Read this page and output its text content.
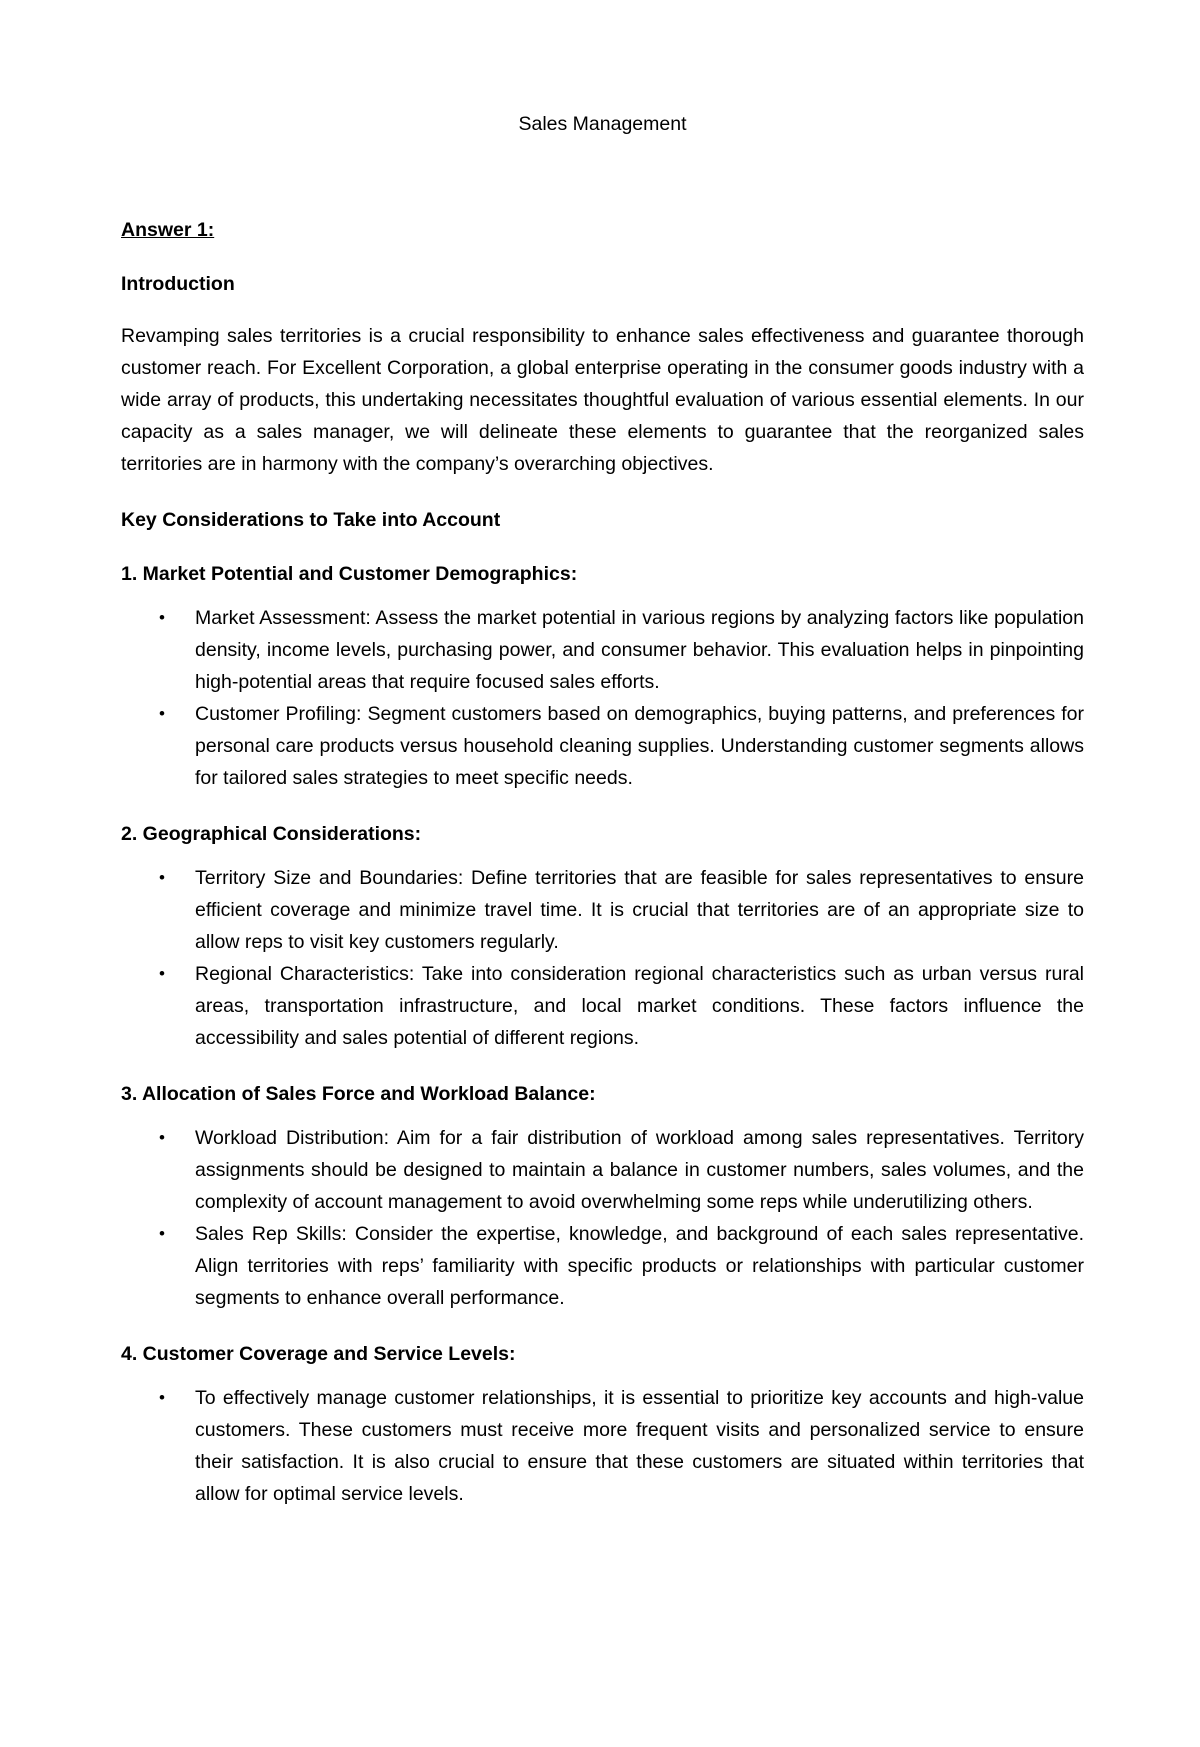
Sales Management

Answer 1:

Introduction

Revamping sales territories is a crucial responsibility to enhance sales effectiveness and guarantee thorough customer reach. For Excellent Corporation, a global enterprise operating in the consumer goods industry with a wide array of products, this undertaking necessitates thoughtful evaluation of various essential elements. In our capacity as a sales manager, we will delineate these elements to guarantee that the reorganized sales territories are in harmony with the company’s overarching objectives.

Key Considerations to Take into Account

1. Market Potential and Customer Demographics:

• Market Assessment: Assess the market potential in various regions by analyzing factors like population density, income levels, purchasing power, and consumer behavior. This evaluation helps in pinpointing high-potential areas that require focused sales efforts.
• Customer Profiling: Segment customers based on demographics, buying patterns, and preferences for personal care products versus household cleaning supplies. Understanding customer segments allows for tailored sales strategies to meet specific needs.

2. Geographical Considerations:

• Territory Size and Boundaries: Define territories that are feasible for sales representatives to ensure efficient coverage and minimize travel time. It is crucial that territories are of an appropriate size to allow reps to visit key customers regularly.
• Regional Characteristics: Take into consideration regional characteristics such as urban versus rural areas, transportation infrastructure, and local market conditions. These factors influence the accessibility and sales potential of different regions.

3. Allocation of Sales Force and Workload Balance:

• Workload Distribution: Aim for a fair distribution of workload among sales representatives. Territory assignments should be designed to maintain a balance in customer numbers, sales volumes, and the complexity of account management to avoid overwhelming some reps while underutilizing others.
• Sales Rep Skills: Consider the expertise, knowledge, and background of each sales representative. Align territories with reps’ familiarity with specific products or relationships with particular customer segments to enhance overall performance.

4. Customer Coverage and Service Levels:

• To effectively manage customer relationships, it is essential to prioritize key accounts and high-value customers. These customers must receive more frequent visits and personalized service to ensure their satisfaction. It is also crucial to ensure that these customers are situated within territories that allow for optimal service levels.
